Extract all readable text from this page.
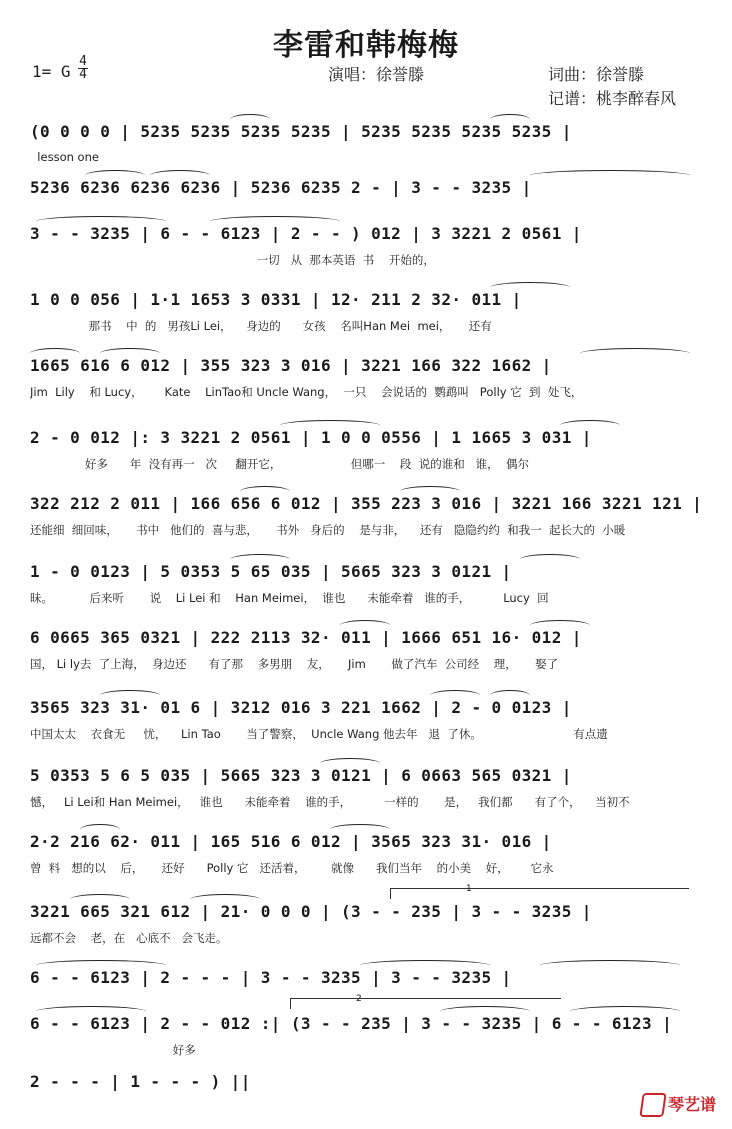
李雷和韩梅梅
1= G
4
4	演唱：徐誉滕	词曲：徐誉滕
记谱：桃李醉春风
(0 0 0 0 | 5235 5235 5235 5235 | 5235 5235 5235 5235 |
lesson one
5236 6236 6236 6236 | 5236 6235 2 - | 3 - - 3235 |
3 - - 3235 | 6 - - 6123 | 2 - - ) 012 | 3 3221 2 0561 |
一切   从  那本英语  书    开始的，
1 0 0 056 | 1·1 1653 3 0331 | 12· 211 2 32· 011 |
那书    中  的   男孩Li Lei，    身边的      女孩    名叫Han Mei  mei，     还有
1665 616 6 012 | 355 323 3 016 | 3221 166 322 1662 |
Jim  Lily    和 Lucy，      Kate    LinTao和 Uncle Wang，  一只    会说话的  鹦鹉叫   Polly 它  到  处飞，
2 - 0 012 |: 3 3221 2 0561 | 1 0 0 0556 | 1 1665 3 031 |
好多      年  没有再一   次     翻开它，                   但哪一    段  说的谁和   谁，  偶尔
322 212 2 011 | 166 656 6 012 | 355 223 3 016 | 3221 166 3221 121 |
还能细  细回味，     书中   他们的  喜与悲，     书外   身后的    是与非，    还有   隐隐约约  和我一  起长大的  小暖
1 - 0 0123 | 5 0353 5 65 035 | 5665 323 3 0121 |
昧。          后来听       说    Li Lei 和    Han Meimei，  谁也      未能牵着   谁的手，         Lucy  回
6 0665 365 0321 | 222 2113 32· 011 | 1666 651 16· 012 |
国， Li ly去  了上海，  身边还      有了那    多男朋    友，     Jim       做了汽车  公司经    理，     娶了
3565 323 31· 01 6 | 3212 016 3 221 1662 | 2 - 0 0123 |
中国太太    衣食无     忧，    Lin Tao       当了警察，  Uncle Wang 他去年   退  了休。                         有点遗
5 0353 5 6 5 035 | 5665 323 3 0121 | 6 0663 565 0321 |
憾，   Li Lei和 Han Meimei，   谁也      未能牵着    谁的手，         一样的       是，   我们都      有了个，    当初不
2·2 216 62· 011 | 165 516 6 012 | 3565 323 31· 016 |
曾  料   想的以    后，     还好      Polly 它   还活着，       就像      我们当年    的小美    好，      它永
3221 665 321 612 | 21· 0 0 0 | (3 - - 235 | 3 - - 3235 |
远都不会    老，在   心底不   会飞走。
1
6 - - 6123 | 2 - - - | 3 - - 3235 | 3 - - 3235 |
6 - - 6123 | 2 - - 012 :| (3 - - 235 | 3 - - 3235 | 6 - - 6123 |
好多
2
2 - - - | 1 - - - ) ||
琴艺谱
